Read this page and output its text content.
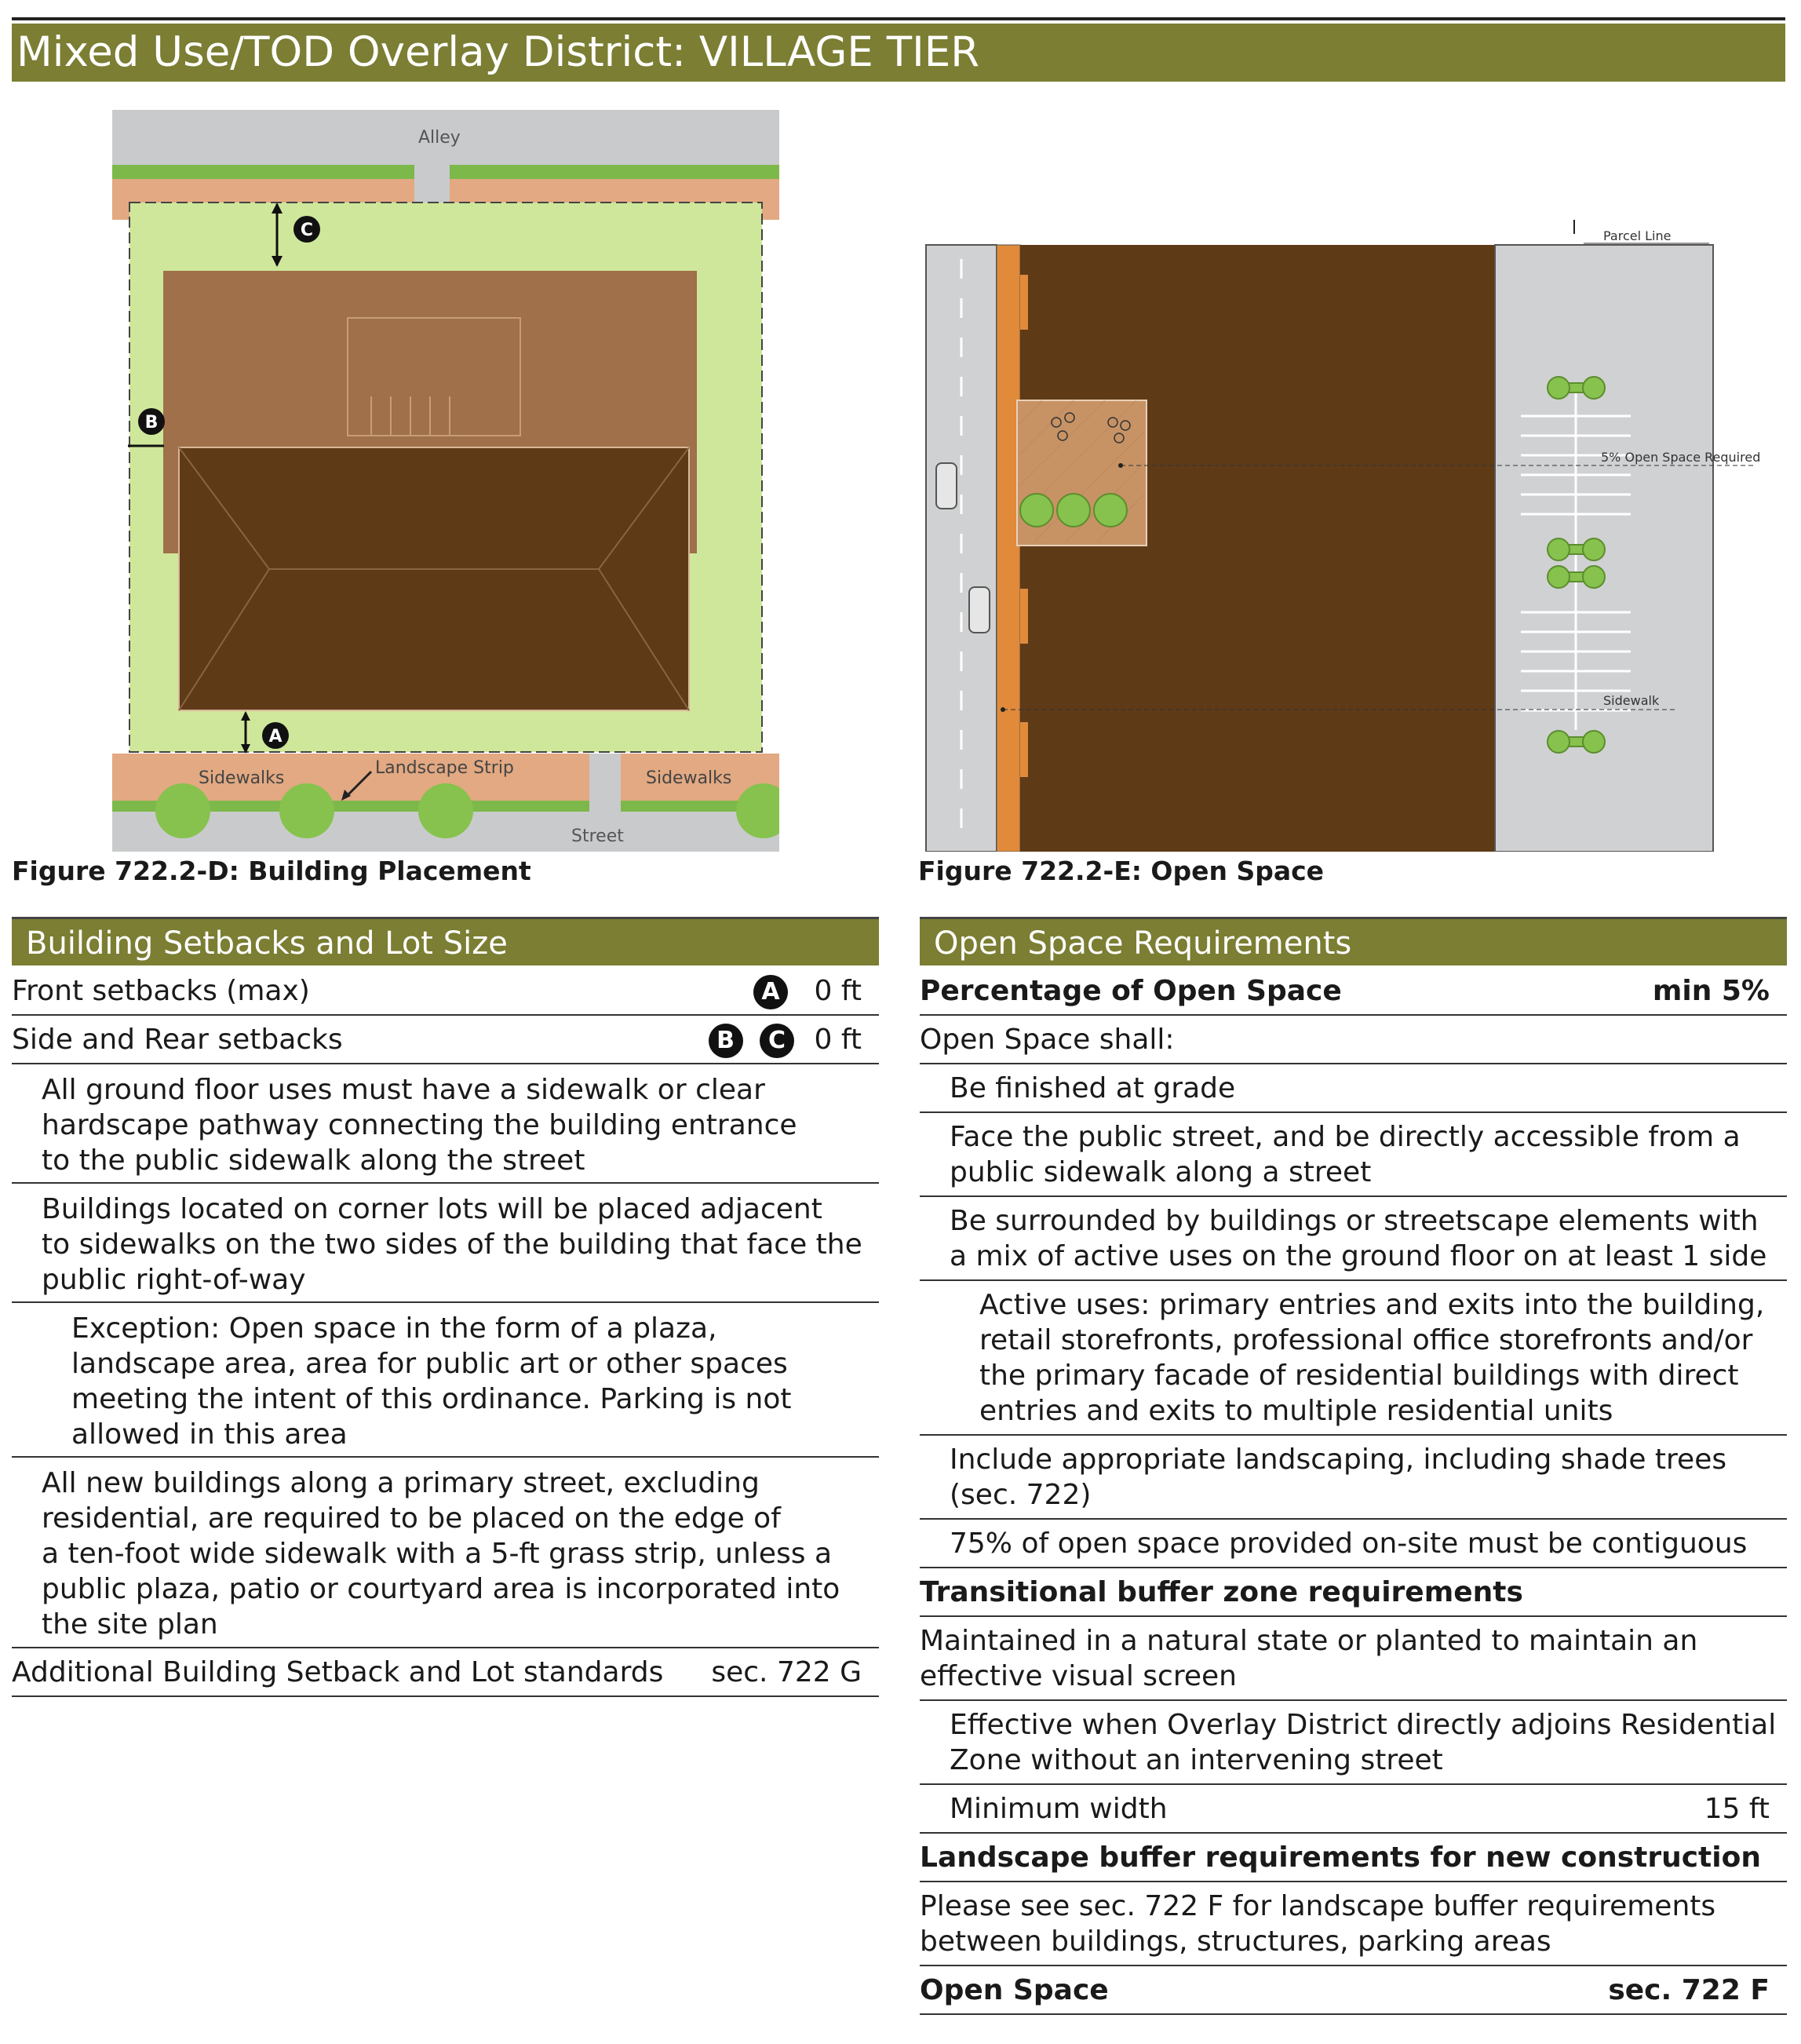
Mixed Use/TOD Overlay District: VILLAGE TIER
Alley
Sidewalks
Landscape Strip
Sidewalks
Street
C
B
A
Figure 722.2-D: Building Placement
Parcel Line
5% Open Space Required
Sidewalk
Figure 722.2-E: Open Space
Building Setbacks and Lot Size
Front setbacks (max)	A 0 ft
Side and Rear setbacks	B C 0 ft
All ground floor uses must have a sidewalk or clear
hardscape pathway connecting the building entrance
to the public sidewalk along the street
Buildings located on corner lots will be placed adjacent
to sidewalks on the two sides of the building that face the
public right-of-way
Exception: Open space in the form of a plaza,
landscape area, area for public art or other spaces
meeting the intent of this ordinance. Parking is not
allowed in this area
All new buildings along a primary street, excluding
residential, are required to be placed on the edge of
a ten-foot wide sidewalk with a 5-ft grass strip, unless a
public plaza, patio or courtyard area is incorporated into
the site plan
Additional Building Setback and Lot standards sec. 722 G
Open Space Requirements
Percentage of Open Space	min 5%
Open Space shall:
Be finished at grade
Face the public street, and be directly accessible from a
public sidewalk along a street
Be surrounded by buildings or streetscape elements with
a mix of active uses on the ground floor on at least 1 side
Active uses: primary entries and exits into the building,
retail storefronts, professional office storefronts and/or
the primary facade of residential buildings with direct
entries and exits to multiple residential units
Include appropriate landscaping, including shade trees
(sec. 722)
75% of open space provided on-site must be contiguous
Transitional buffer zone requirements
Maintained in a natural state or planted to maintain an
effective visual screen
Effective when Overlay District directly adjoins Residential
Zone without an intervening street
Minimum width	15 ft
Landscape buffer requirements for new construction
Please see sec. 722 F for landscape buffer requirements
between buildings, structures, parking areas
Open Space	sec. 722 F
